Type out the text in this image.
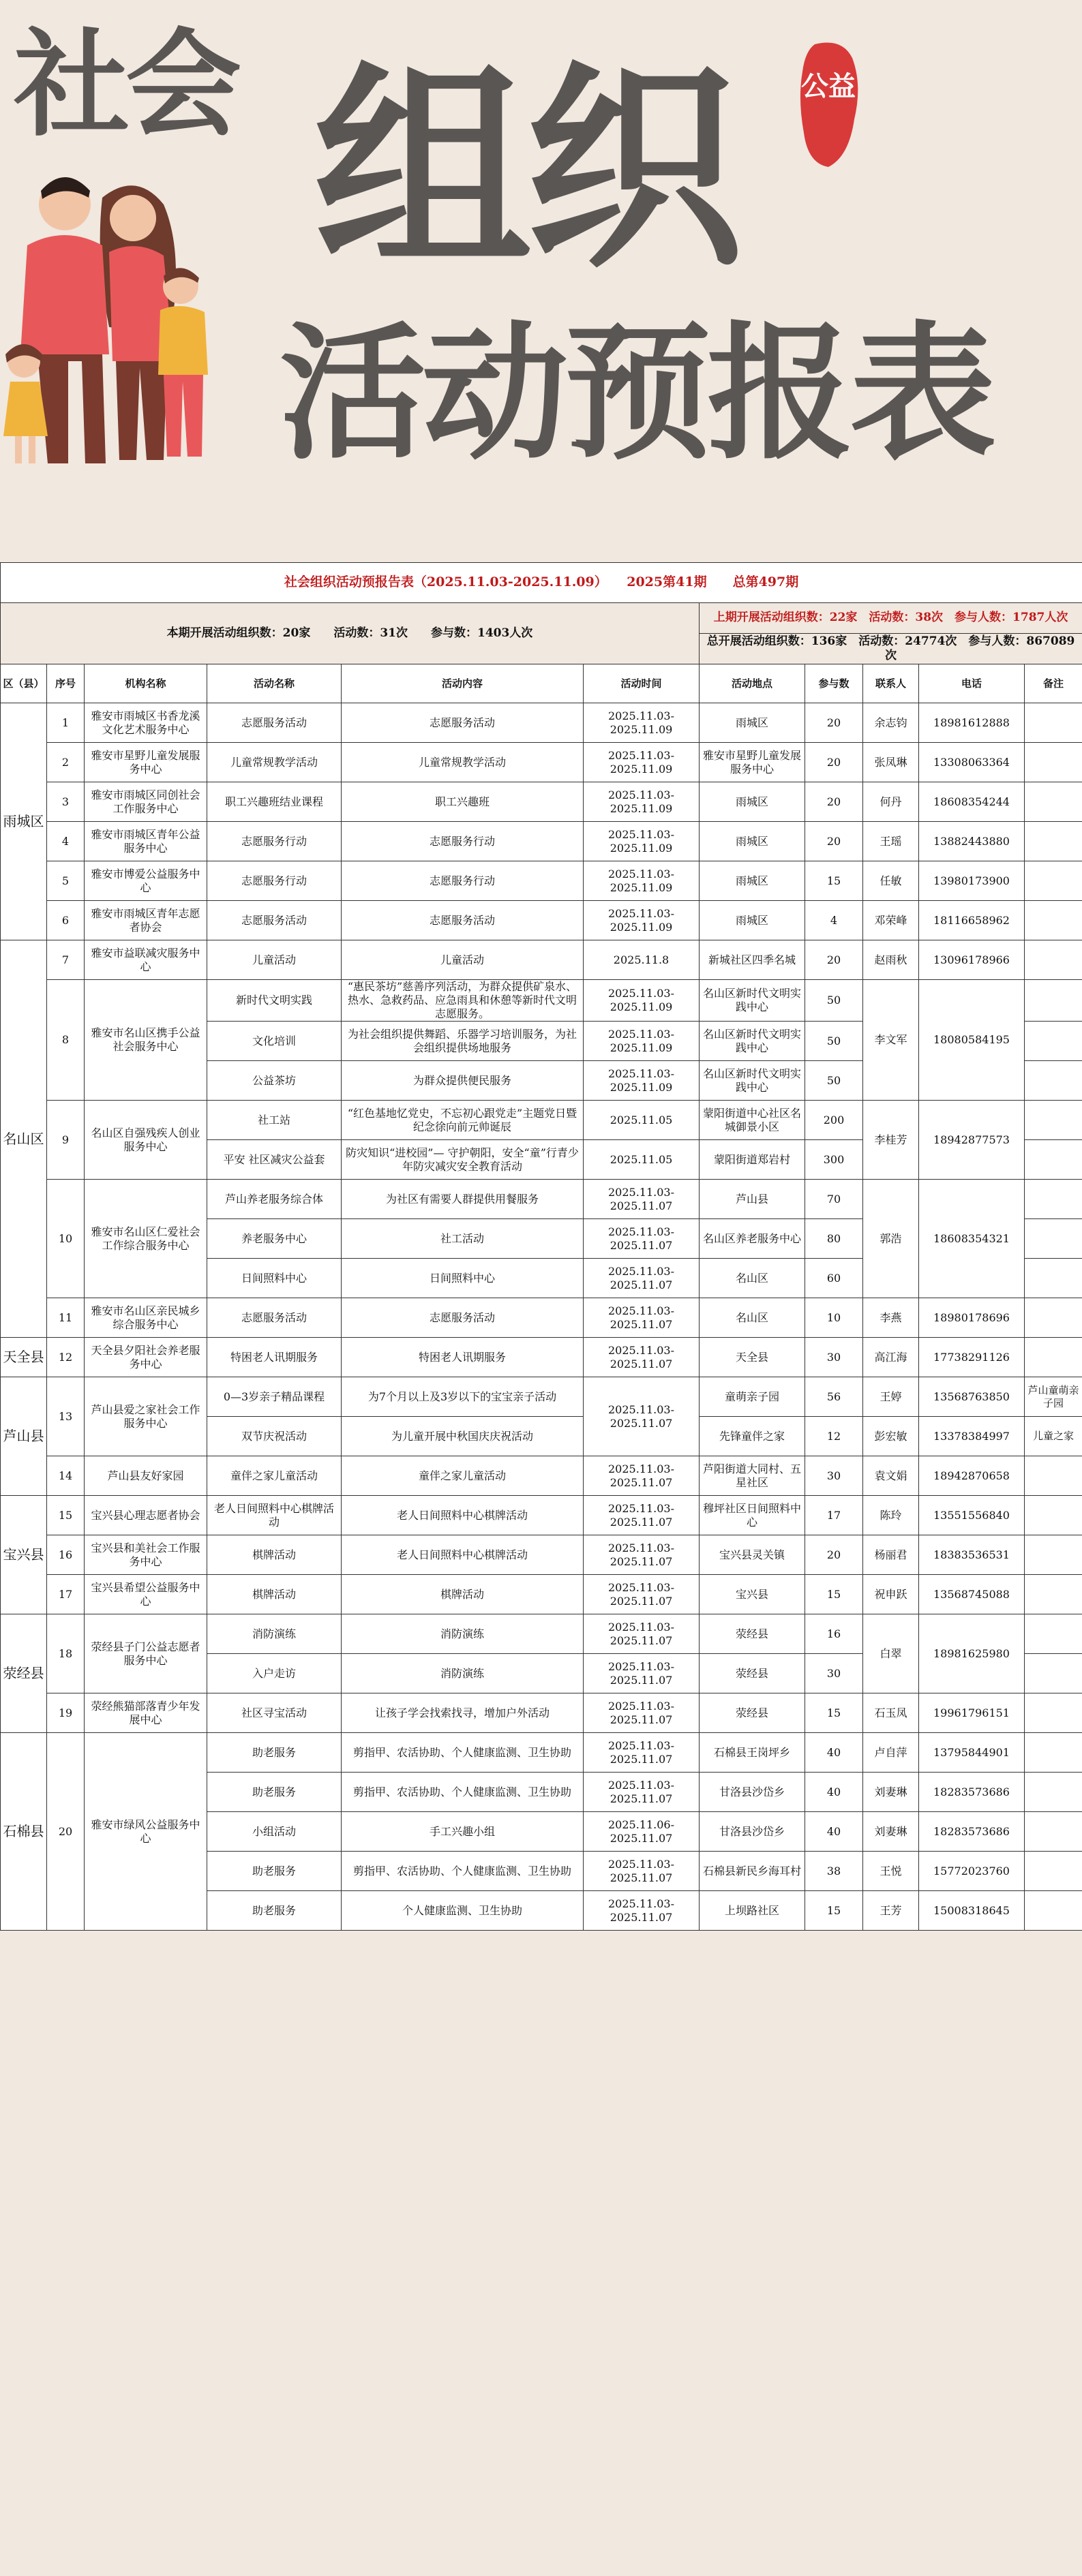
社会 组织
活动预报表
公益
社会组织活动预报告表（2025.11.03-2025.11.09）　　2025第41期　　总第497期										
本期开展活动组织数：20家　　活动数：31次　　参与数：1403人次						上期开展活动组织数：22家　活动数：38次　参与人数：1787人次				
						总开展活动组织数：136家　活动数：24774次　参与人数：867089次				
区（县）	序号	机构名称	活动名称	活动内容	活动时间	活动地点	参与数	联系人	电话	备注
雨城区	1	雅安市雨城区书香龙溪文化艺术服务中心	志愿服务活动	志愿服务活动	2025.11.03-2025.11.09	雨城区	20	余志钧	18981612888	
	2	雅安市星野儿童发展服务中心	儿童常规教学活动	儿童常规教学活动	2025.11.03-2025.11.09	雅安市星野儿童发展服务中心	20	张凤琳	13308063364	
	3	雅安市雨城区同创社会工作服务中心	职工兴趣班结业课程	职工兴趣班	2025.11.03-2025.11.09	雨城区	20	何丹	18608354244	
	4	雅安市雨城区青年公益服务中心	志愿服务行动	志愿服务行动	2025.11.03-2025.11.09	雨城区	20	王瑶	13882443880	
	5	雅安市博爱公益服务中心	志愿服务行动	志愿服务行动	2025.11.03-2025.11.09	雨城区	15	任敏	13980173900	
	6	雅安市雨城区青年志愿者协会	志愿服务活动	志愿服务活动	2025.11.03-2025.11.09	雨城区	4	邓荣峰	18116658962	
名山区	7	雅安市益联减灾服务中心	儿童活动	儿童活动	2025.11.8	新城社区四季名城	20	赵雨秋	13096178966	
	8	雅安市名山区携手公益社会服务中心	新时代文明实践	“惠民茶坊”慈善序列活动，为群众提供矿泉水、热水、急救药品、应急雨具和休憩等新时代文明志愿服务。	2025.11.03-2025.11.09	名山区新时代文明实践中心	50	李文军	18080584195	
			文化培训	为社会组织提供舞蹈、乐器学习培训服务，为社会组织提供场地服务	2025.11.03-2025.11.09	名山区新时代文明实践中心	50			
			公益茶坊	为群众提供便民服务	2025.11.03-2025.11.09	名山区新时代文明实践中心	50			
	9	名山区自强残疾人创业服务中心	社工站	“红色基地忆党史，不忘初心跟党走”主题党日暨纪念徐向前元帅诞辰	2025.11.05	蒙阳街道中心社区名城御景小区	200	李桂芳	18942877573	
			平安 社区减灾公益套	防灾知识“进校园”— 守护朝阳，安全“童”行青少年防灾减灾安全教育活动	2025.11.05	蒙阳街道郑岩村	300			
	10	雅安市名山区仁爱社会工作综合服务中心	芦山养老服务综合体	为社区有需要人群提供用餐服务	2025.11.03-2025.11.07	芦山县	70	郭浩	18608354321	
			养老服务中心	社工活动	2025.11.03-2025.11.07	名山区养老服务中心	80			
			日间照料中心	日间照料中心	2025.11.03-2025.11.07	名山区	60			
	11	雅安市名山区亲民城乡综合服务中心	志愿服务活动	志愿服务活动	2025.11.03-2025.11.07	名山区	10	李燕	18980178696	
天全县	12	天全县夕阳社会养老服务中心	特困老人讯期服务	特困老人讯期服务	2025.11.03-2025.11.07	天全县	30	高江海	17738291126	
芦山县	13	芦山县爱之家社会工作服务中心	0—3岁亲子精品课程	为7个月以上及3岁以下的宝宝亲子活动	2025.11.03-2025.11.07	童萌亲子园	56	王婷	13568763850	芦山童萌亲子园
			双节庆祝活动	为儿童开展中秋国庆庆祝活动		先锋童伴之家	12	彭宏敏	13378384997	儿童之家
	14	芦山县友好家园	童伴之家儿童活动	童伴之家儿童活动	2025.11.03-2025.11.07	芦阳街道大同村、五星社区	30	袁文娟	18942870658	
宝兴县	15	宝兴县心理志愿者协会	老人日间照料中心棋牌活动	老人日间照料中心棋牌活动	2025.11.03-2025.11.07	穆坪社区日间照料中心	17	陈玲	13551556840	
	16	宝兴县和美社会工作服务中心	棋牌活动	老人日间照料中心棋牌活动	2025.11.03-2025.11.07	宝兴县灵关镇	20	杨丽君	18383536531	
	17	宝兴县希望公益服务中心	棋牌活动	棋牌活动	2025.11.03-2025.11.07	宝兴县	15	祝申跃	13568745088	
荥经县	18	荥经县子门公益志愿者服务中心	消防演练	消防演练	2025.11.03-2025.11.07	荥经县	16	白翠	18981625980	
			入户走访	消防演练	2025.11.03-2025.11.07	荥经县	30			
	19	荥经熊猫部落青少年发展中心	社区寻宝活动	让孩子学会找索找寻，增加户外活动	2025.11.03-2025.11.07	荥经县	15	石玉凤	19961796151	
石棉县	20	雅安市绿风公益服务中心	助老服务	剪指甲、农活协助、个人健康监测、卫生协助	2025.11.03-2025.11.07	石棉县王岗坪乡	40	卢自萍	13795844901	
			助老服务	剪指甲、农活协助、个人健康监测、卫生协助	2025.11.03-2025.11.07	甘洛县沙岱乡	40	刘妻琳	18283573686	
			小组活动	手工兴趣小组	2025.11.06-2025.11.07	甘洛县沙岱乡	40	刘妻琳	18283573686	
			助老服务	剪指甲、农活协助、个人健康监测、卫生协助	2025.11.03-2025.11.07	石棉县新民乡海耳村	38	王悦	15772023760	
			助老服务	个人健康监测、卫生协助	2025.11.03-2025.11.07	上坝路社区	15	王芳	15008318645	
